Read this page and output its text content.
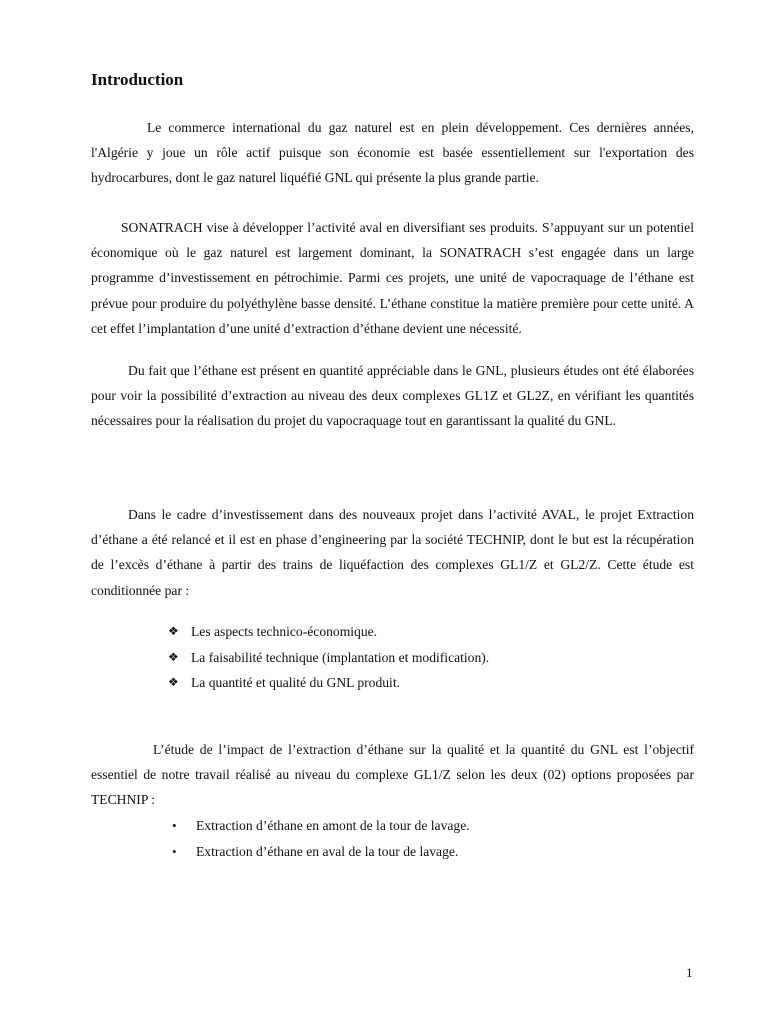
Introduction

Le commerce international du gaz naturel est en plein développement. Ces dernières années, l'Algérie y joue un rôle actif puisque son économie est basée essentiellement sur l'exportation des hydrocarbures, dont le gaz naturel liquéfié GNL qui présente la plus grande partie.

SONATRACH vise à développer l’activité aval en diversifiant ses produits. S’appuyant sur un potentiel économique où le gaz naturel est largement dominant, la SONATRACH s’est engagée dans un large programme d’investissement en pétrochimie. Parmi ces projets, une unité de vapocraquage de l’éthane est prévue pour produire du polyéthylène basse densité. L’éthane constitue la matière première pour cette unité. A cet effet l’implantation d’une unité d’extraction d’éthane devient une nécessité.

Du fait que l’éthane est présent en quantité appréciable dans le GNL, plusieurs études ont été élaborées pour voir la possibilité d’extraction au niveau des deux complexes GL1Z et GL2Z, en vérifiant les quantités nécessaires pour la réalisation du projet du vapocraquage tout en garantissant la qualité du GNL.

Dans le cadre d’investissement dans des nouveaux projet dans l’activité AVAL, le projet Extraction d’éthane a été relancé et il est en phase d’engineering par la société TECHNIP, dont le but est la récupération de l’excès d’éthane à partir des trains de liquéfaction des complexes GL1/Z et GL2/Z. Cette étude est conditionnée par :

❖ Les aspects technico-économique.
❖ La faisabilité technique (implantation et modification).
❖ La quantité et qualité du GNL produit.

L’étude de l’impact de l’extraction d’éthane sur la qualité et la quantité du GNL est l’objectif essentiel de notre travail réalisé au niveau du complexe GL1/Z selon les deux (02) options proposées par TECHNIP :

• Extraction d’éthane en amont de la tour de lavage.
• Extraction d’éthane en aval de la tour de lavage.
1
